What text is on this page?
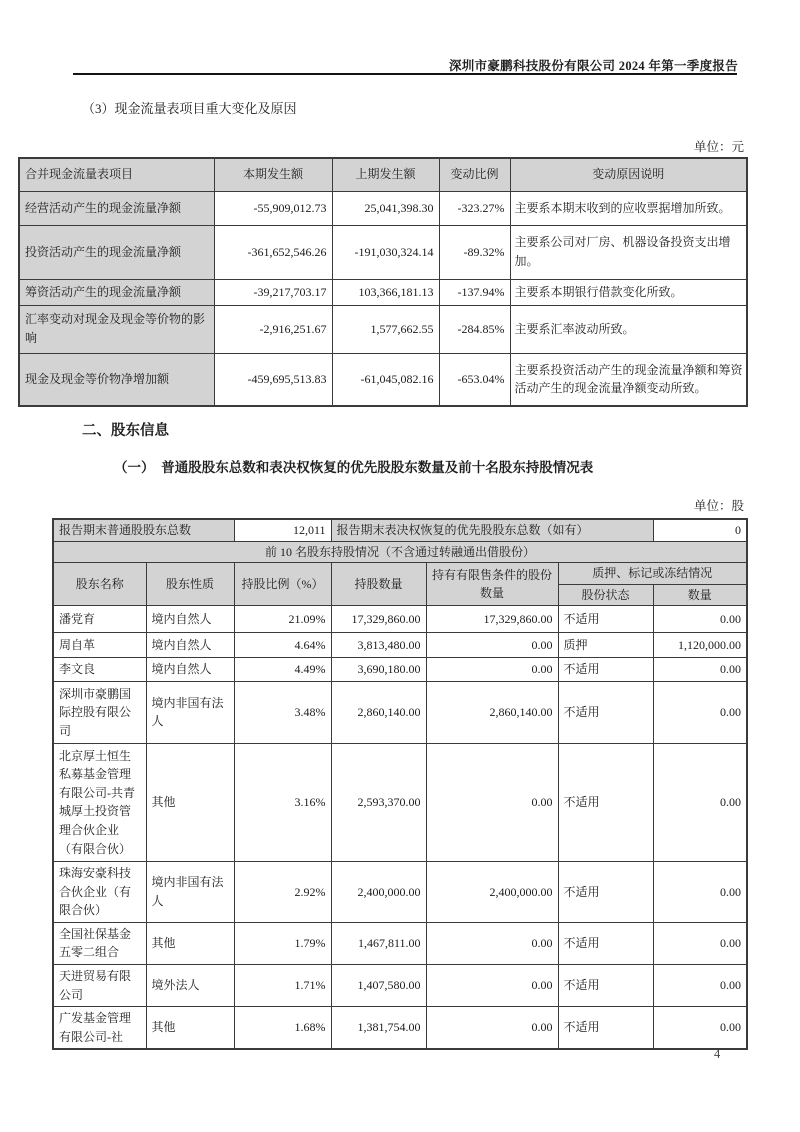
深圳市豪鹏科技股份有限公司 2024 年第一季度报告
（3）现金流量表项目重大变化及原因
单位：元
合并现金流量表项目	本期发生额	上期发生额	变动比例	变动原因说明
经营活动产生的现金流量净额	-55,909,012.73	25,041,398.30	-323.27%	主要系本期末收到的应收票据增加所致。
投资活动产生的现金流量净额	-361,652,546.26	-191,030,324.14	-89.32%	主要系公司对厂房、机器设备投资支出增加。
筹资活动产生的现金流量净额	-39,217,703.17	103,366,181.13	-137.94%	主要系本期银行借款变化所致。
汇率变动对现金及现金等价物的影响	-2,916,251.67	1,577,662.55	-284.85%	主要系汇率波动所致。
现金及现金等价物净增加额	-459,695,513.83	-61,045,082.16	-653.04%	主要系投资活动产生的现金流量净额和筹资活动产生的现金流量净额变动所致。
二、股东信息
（一）　普通股股东总数和表决权恢复的优先股股东数量及前十名股东持股情况表
单位：股
报告期末普通股股东总数		12,011	报告期末表决权恢复的优先股股东总数（如有）			0
前 10 名股东持股情况（不含通过转融通出借股份）						
股东名称	股东性质	持股比例（%）	持股数量	持有有限售条件的股份数量	质押、标记或冻结情况	
					股份状态	数量
潘党育	境内自然人	21.09%	17,329,860.00	17,329,860.00	不适用	0.00
周自革	境内自然人	4.64%	3,813,480.00	0.00	质押	1,120,000.00
李文良	境内自然人	4.49%	3,690,180.00	0.00	不适用	0.00
深圳市豪鹏国际控股有限公司	境内非国有法人	3.48%	2,860,140.00	2,860,140.00	不适用	0.00
北京厚土恒生私募基金管理有限公司-共青城厚土投资管理合伙企业（有限合伙）	其他	3.16%	2,593,370.00	0.00	不适用	0.00
珠海安豪科技合伙企业（有限合伙）	境内非国有法人	2.92%	2,400,000.00	2,400,000.00	不适用	0.00
全国社保基金五零二组合	其他	1.79%	1,467,811.00	0.00	不适用	0.00
天进贸易有限公司	境外法人	1.71%	1,407,580.00	0.00	不适用	0.00
广发基金管理有限公司-社	其他	1.68%	1,381,754.00	0.00	不适用	0.00
4
